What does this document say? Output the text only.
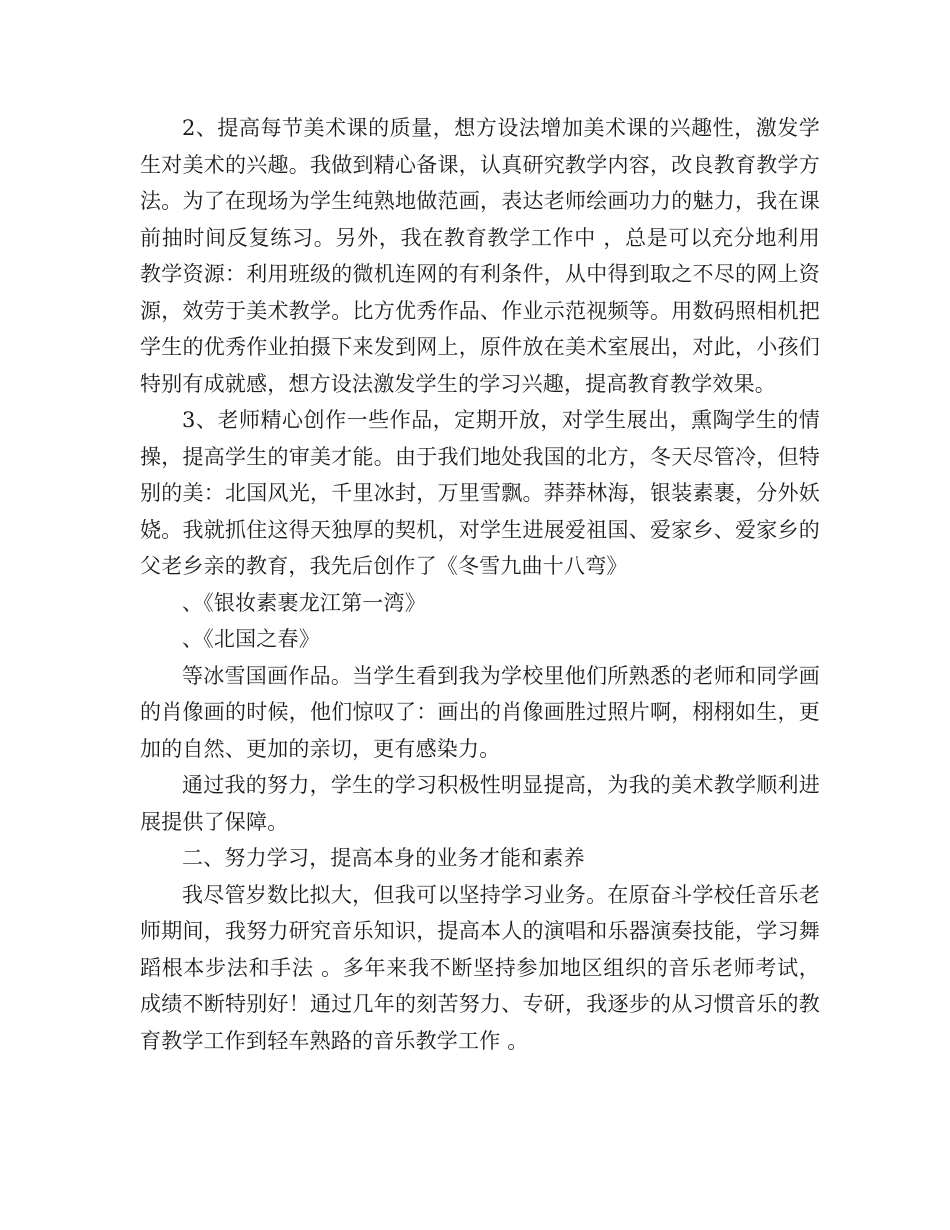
2、提高每节美术课的质量，想方设法增加美术课的兴趣性，激发学生对美术的兴趣。我做到精心备课，认真研究教学内容，改良教育教学方法。为了在现场为学生纯熟地做范画，表达老师绘画功力的魅力，我在课前抽时间反复练习。另外，我在教育教学工作中 ，总是可以充分地利用教学资源：利用班级的微机连网的有利条件，从中得到取之不尽的网上资源，效劳于美术教学。比方优秀作品、作业示范视频等。用数码照相机把学生的优秀作业拍摄下来发到网上，原件放在美术室展出，对此，小孩们特别有成就感，想方设法激发学生的学习兴趣，提高教育教学效果。

3、老师精心创作一些作品，定期开放，对学生展出，熏陶学生的情操，提高学生的审美才能。由于我们地处我国的北方，冬天尽管冷，但特别的美：北国风光，千里冰封，万里雪飘。莽莽林海，银装素裹，分外妖娆。我就抓住这得天独厚的契机，对学生进展爱祖国、爱家乡、爱家乡的父老乡亲的教育，我先后创作了《冬雪九曲十八弯》

、《银妆素裹龙江第一湾》

、《北国之春》

等冰雪国画作品。当学生看到我为学校里他们所熟悉的老师和同学画的肖像画的时候，他们惊叹了：画出的肖像画胜过照片啊，栩栩如生，更加的自然、更加的亲切，更有感染力。

通过我的努力，学生的学习积极性明显提高，为我的美术教学顺利进展提供了保障。

二、努力学习，提高本身的业务才能和素养

我尽管岁数比拟大，但我可以坚持学习业务。在原奋斗学校任音乐老师期间，我努力研究音乐知识，提高本人的演唱和乐器演奏技能，学习舞蹈根本步法和手法 。多年来我不断坚持参加地区组织的音乐老师考试，成绩不断特别好！通过几年的刻苦努力、专研，我逐步的从习惯音乐的教育教学工作到轻车熟路的音乐教学工作 。
